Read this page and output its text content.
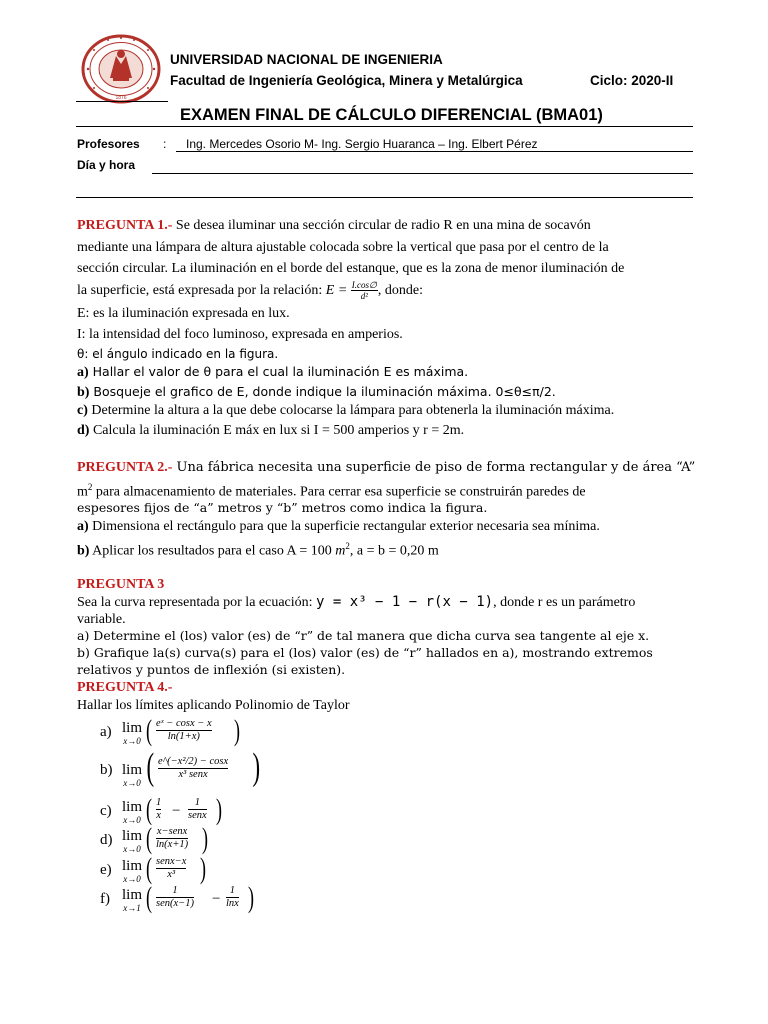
1876
UNIVERSIDAD NACIONAL DE INGENIERIA
Facultad de Ingeniería Geológica, Minera y Metalúrgica	Ciclo: 2020-II
EXAMEN FINAL DE CÁLCULO DIFERENCIAL (BMA01)
Profesores : Ing. Mercedes Osorio M- Ing. Sergio Huaranca – Ing. Elbert Pérez
Día y hora
PREGUNTA 1.- Se desea iluminar una sección circular de radio R en una mina de socavón
mediante una lámpara de altura ajustable colocada sobre la vertical que pasa por el centro de la
sección circular. La iluminación en el borde del estanque, que es la zona de menor iluminación de
la superficie, está expresada por la relación: $E = \frac{I.\cos\emptyset}{\text{d²}}$ , donde:
E: es la iluminación expresada en lux.
I: la intensidad del foco luminoso, expresada en amperios.
θ: el ángulo indicado en la figura.
a) Hallar el valor de θ para el cual la iluminación E es máxima.
b) Bosqueje el grafico de E, donde indique la iluminación máxima. 0≤θ≤π/2.
c) Determine la altura a la que debe colocarse la lámpara para obtenerla la iluminación máxima.
d) Calcula la iluminación E máx en lux si I = 500 amperios y r = 2m.
PREGUNTA 2.- Una fábrica necesita una superficie de piso de forma rectangular y de área “A”
$m^2$ para almacenamiento de materiales. Para cerrar esa superficie se construirán paredes de
espesores fijos de “a” metros y “b” metros como indica la figura.
a) Dimensiona el rectángulo para que la superficie rectangular exterior necesaria sea mínima.
b) Aplicar los resultados para el caso A = 100 $m^2$, a = b = 0,20 m
PREGUNTA 3
Sea la curva representada por la ecuación: y = x³ − 1 − r(x − 1), donde r es un parámetro
variable.
a) Determine el (los) valor (es) de “r” de tal manera que dicha curva sea tangente al eje x.
b) Grafique la(s) curva(s) para el (los) valor (es) de “r” hallados en a), mostrando extremos
relativos y puntos de inflexión (si existen).
PREGUNTA 4.-
Hallar los límites aplicando Polinomio de Taylor
a) lim
x→0 ( eˣ − cosx − x
ln(1+x)	)
b) lim
x→0 ( e^(−x²/2) − cosx
x³ senx	)
c) lim
x→0 ( 1
x −
1
senx )
d) lim
x→0 ( x−senx
ln(x+1) )
e) lim
x→0 ( senx−x
x³ )
f) lim
x→1 (	1
sen(x−1) −
1
lnx )
